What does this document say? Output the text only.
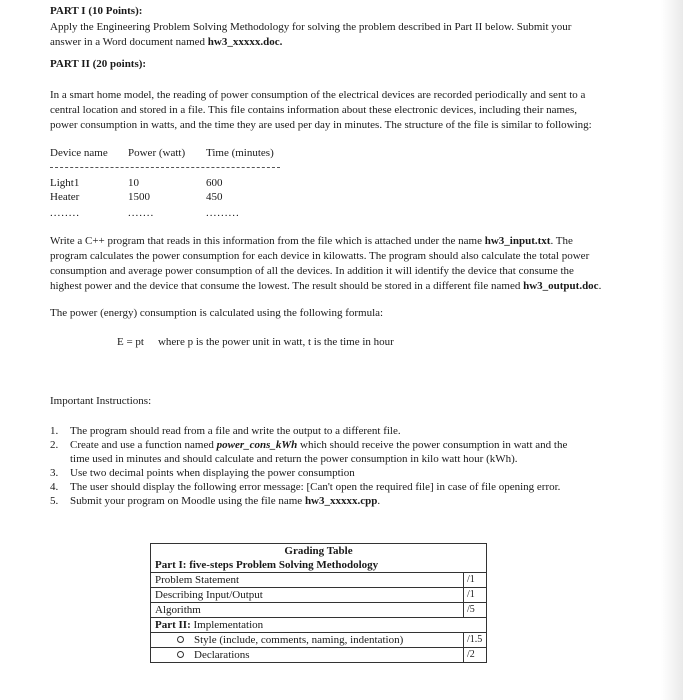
PART I (10 Points):

Apply the Engineering Problem Solving Methodology for solving the problem described in Part II below. Submit your

answer in a Word document named hw3_xxxxx.doc.

PART II (20 points):

In a smart home model, the reading of power consumption of the electrical devices are recorded periodically and sent to a

central location and stored in a file. This file contains information about these electronic devices, including their names,

power consumption in watts, and the time they are used per day in minutes. The structure of the file is similar to following:

Device name	Power (watt)	Time (minutes)
Light1	10	600
Heater	1500	450
........	.......	.........

Write a C++ program that reads in this information from the file which is attached under the name hw3_input.txt. The

program calculates the power consumption for each device in kilowatts. The program should also calculate the total power

consumption and average power consumption of all the devices. In addition it will identify the device that consume the

highest power and the device that consume the lowest. The result should be stored in a different file named hw3_output.doc.

The power (energy) consumption is calculated using the following formula:
E = pt where p is the power unit in watt, t is the time in hour
Important Instructions:
1. The program should read from a file and write the output to a different file.
2. Create and use a function named power_cons_kWh which should receive the power consumption in watt and the
time used in minutes and should calculate and return the power consumption in kilo watt hour (kWh).
3. Use two decimal points when displaying the power consumption
4. The user should display the following error message: [Can't open the required file] in case of file opening error.
5. Submit your program on Moodle using the file name hw3_xxxxx.cpp.
Grading Table	
Part I: five-steps Problem Solving Methodology	
Problem Statement	/1
Describing Input/Output	/1
Algorithm	/5
Part II: Implementation	
Style (include, comments, naming, indentation)	/1.5
Declarations	/2
